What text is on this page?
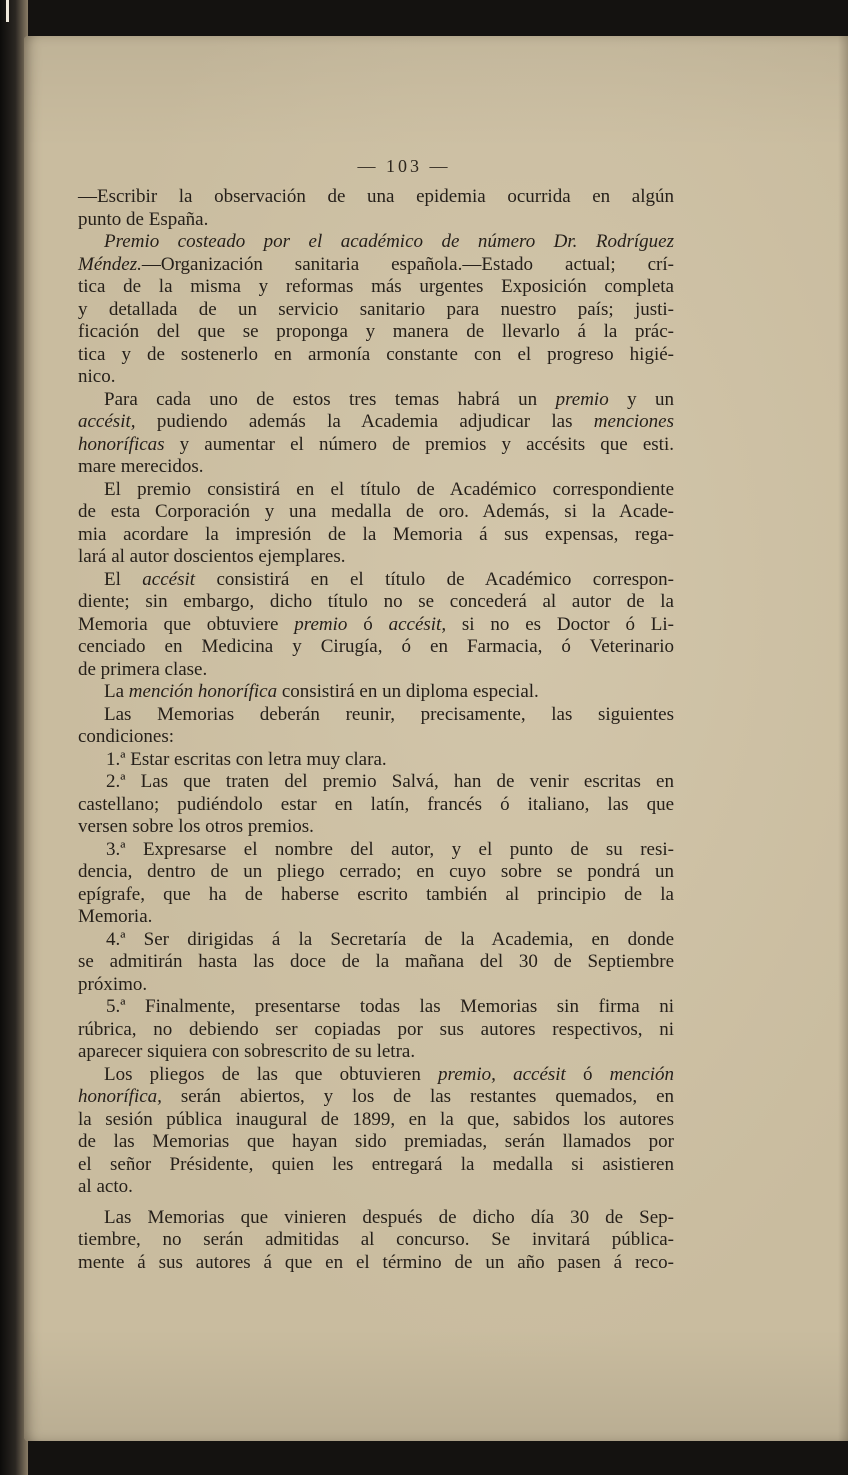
— 103 —
—Escribir la observación de una epidemia ocurrida en algún
punto de España.
Premio costeado por el académico de número Dr. Rodríguez
Méndez.—Organización sanitaria española.—Estado actual; crí-
tica de la misma y reformas más urgentes Exposición completa
y detallada de un servicio sanitario para nuestro país; justi-
ficación del que se proponga y manera de llevarlo á la prác-
tica y de sostenerlo en armonía constante con el progreso higié-
nico.
Para cada uno de estos tres temas habrá un premio y un
accésit, pudiendo además la Academia adjudicar las menciones
honoríficas y aumentar el número de premios y accésits que esti.
mare merecidos.
El premio consistirá en el título de Académico correspondiente
de esta Corporación y una medalla de oro. Además, si la Acade-
mia acordare la impresión de la Memoria á sus expensas, rega-
lará al autor doscientos ejemplares.
El accésit consistirá en el título de Académico correspon-
diente; sin embargo, dicho título no se concederá al autor de la
Memoria que obtuviere premio ó accésit, si no es Doctor ó Li-
cenciado en Medicina y Cirugía, ó en Farmacia, ó Veterinario
de primera clase.
La mención honorífica consistirá en un diploma especial.
Las Memorias deberán reunir, precisamente, las siguientes
condiciones:
1.ª Estar escritas con letra muy clara.
2.ª Las que traten del premio Salvá, han de venir escritas en
castellano; pudiéndolo estar en latín, francés ó italiano, las que
versen sobre los otros premios.
3.ª Expresarse el nombre del autor, y el punto de su resi-
dencia, dentro de un pliego cerrado; en cuyo sobre se pondrá un
epígrafe, que ha de haberse escrito también al principio de la
Memoria.
4.ª Ser dirigidas á la Secretaría de la Academia, en donde
se admitirán hasta las doce de la mañana del 30 de Septiembre
próximo.
5.ª Finalmente, presentarse todas las Memorias sin firma ni
rúbrica, no debiendo ser copiadas por sus autores respectivos, ni
aparecer siquiera con sobrescrito de su letra.
Los pliegos de las que obtuvieren premio, accésit ó mención
honorífica, serán abiertos, y los de las restantes quemados, en
la sesión pública inaugural de 1899, en la que, sabidos los autores
de las Memorias que hayan sido premiadas, serán llamados por
el señor Présidente, quien les entregará la medalla si asistieren
al acto.
Las Memorias que vinieren después de dicho día 30 de Sep-
tiembre, no serán admitidas al concurso. Se invitará pública-
mente á sus autores á que en el término de un año pasen á reco-
